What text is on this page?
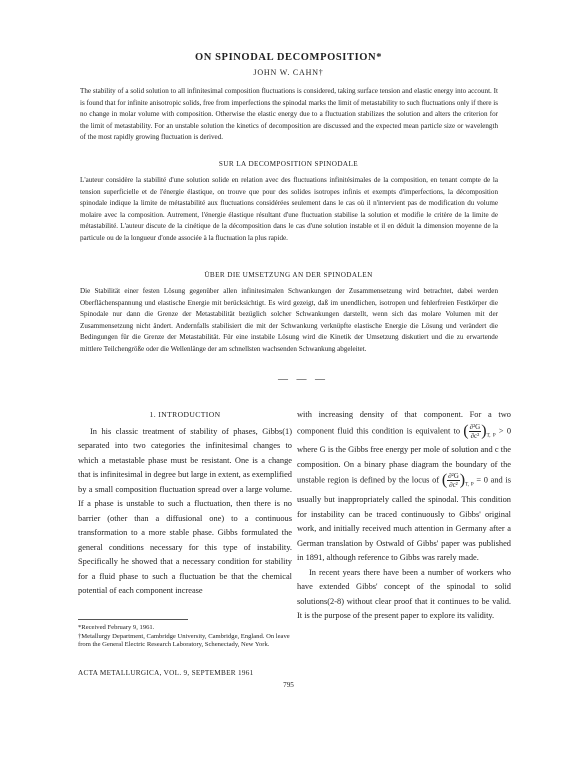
ON SPINODAL DECOMPOSITION*
JOHN W. CAHN†
The stability of a solid solution to all infinitesimal composition fluctuations is considered, taking surface tension and elastic energy into account. It is found that for infinite anisotropic solids, free from imperfections the spinodal marks the limit of metastability to such fluctuations only if there is no change in molar volume with composition. Otherwise the elastic energy due to a fluctuation stabilizes the solution and alters the criterion for the limit of metastability. For an unstable solution the kinetics of decomposition are discussed and the expected mean particle size or wavelength of the most rapidly growing fluctuation is derived.
SUR LA DECOMPOSITION SPINODALE
L'auteur considère la stabilité d'une solution solide en relation avec des fluctuations infinitésimales de la composition, en tenant compte de la tension superficielle et de l'énergie élastique, on trouve que pour des solides isotropes infinis et exempts d'imperfections, la décomposition spinodale indique la limite de métastabilité aux fluctuations considérées seulement dans le cas où il n'intervient pas de modification du volume molaire avec la composition. Autrement, l'énergie élastique résultant d'une fluctuation stabilise la solution et modifie le critère de la limite de métastabilité. L'auteur discute de la cinétique de la décomposition dans le cas d'une solution instable et il en déduit la dimension moyenne de la particule ou de la longueur d'onde associée à la fluctuation la plus rapide.
ÜBER DIE UMSETZUNG AN DER SPINODALEN
Die Stabilität einer festen Lösung gegenüber allen infinitesimalen Schwankungen der Zusammensetzung wird betrachtet, dabei werden Oberflächenspannung und elastische Energie mit berücksichtigt. Es wird gezeigt, daß im unendlichen, isotropen und fehlerfreien Festkörper die Spinodale nur dann die Grenze der Metastabilität bezüglich solcher Schwankungen darstellt, wenn sich das molare Volumen mit der Zusammensetzung nicht ändert. Andernfalls stabilisiert die mit der Schwankung verknüpfte elastische Energie die Lösung und verändert die Bedingungen für die Grenze der Metastabilität. Für eine instabile Lösung wird die Kinetik der Umsetzung diskutiert und die zu erwartende mittlere Teilchengröße oder die Wellenlänge der am schnellsten wachsenden Schwankung abgeleitet.
— — —
1. INTRODUCTION

In his classic treatment of stability of phases, Gibbs(1) separated into two categories the infinitesimal changes to which a metastable phase must be resistant. One is a change that is infinitesimal in degree but large in extent, as exemplified by a small composition fluctuation spread over a large volume. If a phase is unstable to such a fluctuation, then there is no barrier (other than a diffusional one) to a continuous transformation to a more stable phase. Gibbs formulated the general conditions necessary for this type of instability. Specifically he showed that a necessary condition for stability for a fluid phase to such a fluctuation be that the chemical potential of each component increase

with increasing density of that component. For a two component fluid this condition is equivalent to ( $\frac{\text{∂²G}}{\text{∂c²}} )_{T, P} > 0$ where G is the Gibbs free energy per mole of solution and c the composition. On a binary phase diagram the boundary of the unstable region is defined by the locus of ( $\frac{\text{∂²G}}{\text{∂c²}} )_{T, P} = 0$ and is usually but inappropriately called the spinodal. This condition for instability can be traced continuously to Gibbs' original work, and initially received much attention in Germany after a German translation by Ostwald of Gibbs' paper was published in 1891, although reference to Gibbs was rarely made.

In recent years there have been a number of workers who have extended Gibbs' concept of the spinodal to solid solutions(2-8) without clear proof that it continues to be valid. It is the purpose of the present paper to explore its validity.

*Received February 9, 1961.

†Metallurgy Department, Cambridge University, Cambridge, England. On leave from the General Electric Research Laboratory, Schenectady, New York.

ACTA METALLURGICA, VOL. 9, SEPTEMBER 1961
795
